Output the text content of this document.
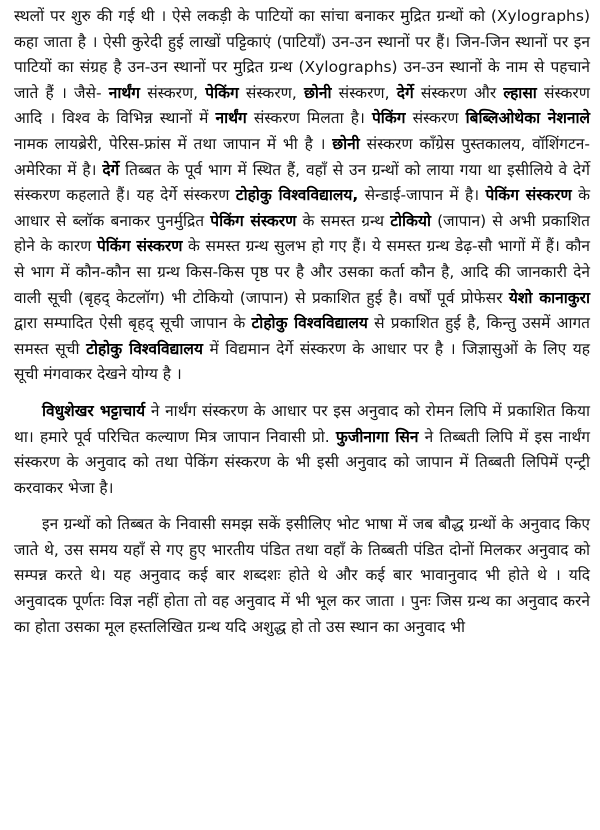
स्थलों पर शुरु की गई थी । ऐसे लकड़ी के पाटियों का सांचा बनाकर मुद्रित ग्रन्थों को (Xylographs) कहा जाता है । ऐसी कुरेदी हुई लाखों पट्टिकाएं (पाटियाँ) उन-उन स्थानों पर हैं। जिन-जिन स्थानों पर इन पाटियों का संग्रह है उन-उन स्थानों पर मुद्रित ग्रन्थ (Xylographs) उन-उन स्थानों के नाम से पहचाने जाते हैं । जैसे- नार्थंग संस्करण, पेकिंग संस्करण, छोनी संस्करण, देर्गे संस्करण और ल्हासा संस्करण आदि । विश्व के विभिन्न स्थानों में नार्थंग संस्करण मिलता है। पेकिंग संस्करण बिब्लिओथेका नेशनाले नामक लायब्रेरी, पेरिस-फ्रांस में तथा जापान में भी है । छोनी संस्करण काँग्रेस पुस्तकालय, वॉशिंगटन-अमेरिका में है। देर्गे तिब्बत के पूर्व भाग में स्थित हैं, वहाँ से उन ग्रन्थों को लाया गया था इसीलिये वे देर्गे संस्करण कहलाते हैं। यह देर्गे संस्करण टोहोकु विश्वविद्यालय, सेन्डाई-जापान में है। पेकिंग संस्करण के आधार से ब्लॉक बनाकर पुनर्मुद्रित पेकिंग संस्करण के समस्त ग्रन्थ टोकियो (जापान) से अभी प्रकाशित होने के कारण पेकिंग संस्करण के समस्त ग्रन्थ सुलभ हो गए हैं। ये समस्त ग्रन्थ डेढ़-सौ भागों में हैं। कौन से भाग में कौन-कौन सा ग्रन्थ किस-किस पृष्ठ पर है और उसका कर्ता कौन है, आदि की जानकारी देने वाली सूची (बृहद् केटलॉग) भी टोकियो (जापान) से प्रकाशित हुई है। वर्षों पूर्व प्रोफेसर येशो कानाकुरा द्वारा सम्पादित ऐसी बृहद् सूची जापान के टोहोकु विश्वविद्यालय से प्रकाशित हुई है, किन्तु उसमें आगत समस्त सूची टोहोकु विश्वविद्यालय में विद्यमान देर्गे संस्करण के आधार पर है । जिज्ञासुओं के लिए यह सूची मंगवाकर देखने योग्य है ।

विधुशेखर भट्टाचार्य ने नार्थंग संस्करण के आधार पर इस अनुवाद को रोमन लिपि में प्रकाशित किया था। हमारे पूर्व परिचित कल्याण मित्र जापान निवासी प्रो. फुजीनागा सिन ने तिब्बती लिपि में इस नार्थंग संस्करण के अनुवाद को तथा पेकिंग संस्करण के भी इसी अनुवाद को जापान में तिब्बती लिपिमें एन्ट्री करवाकर भेजा है।

इन ग्रन्थों को तिब्बत के निवासी समझ सकें इसीलिए भोट भाषा में जब बौद्ध ग्रन्थों के अनुवाद किए जाते थे, उस समय यहाँ से गए हुए भारतीय पंडित तथा वहाँ के तिब्बती पंडित दोनों मिलकर अनुवाद को सम्पन्न करते थे। यह अनुवाद कई बार शब्दशः होते थे और कई बार भावानुवाद भी होते थे । यदि अनुवादक पूर्णतः विज्ञ नहीं होता तो वह अनुवाद में भी भूल कर जाता । पुनः जिस ग्रन्थ का अनुवाद करने का होता उसका मूल हस्तलिखित ग्रन्थ यदि अशुद्ध हो तो उस स्थान का अनुवाद भी
